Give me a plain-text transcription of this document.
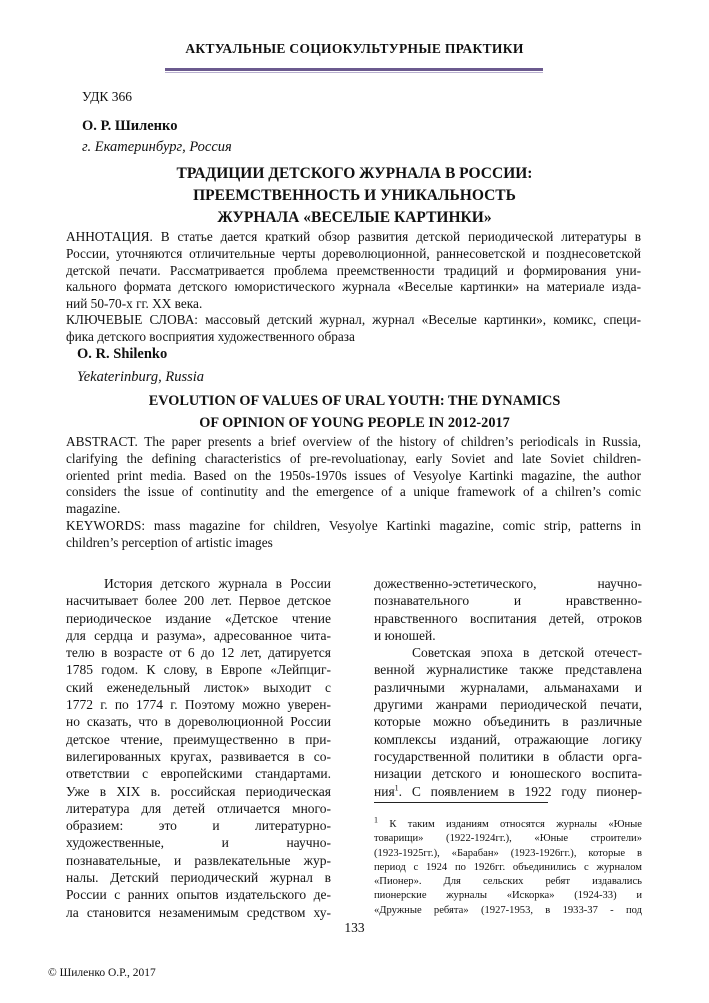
АКТУАЛЬНЫЕ СОЦИОКУЛЬТУРНЫЕ ПРАКТИКИ
УДК 366
О. Р. Шиленко
г. Екатеринбург, Россия
ТРАДИЦИИ ДЕТСКОГО ЖУРНАЛА В РОССИИ:
ПРЕЕМСТВЕННОСТЬ И УНИКАЛЬНОСТЬ
ЖУРНАЛА «ВЕСЕЛЫЕ КАРТИНКИ»
АННОТАЦИЯ. В статье дается краткий обзор развития детской периодической литературы в
России, уточняются отличительные черты дореволюционной, раннесоветской и позднесоветской
детской печати. Рассматривается проблема преемственности традиций и формирования уни-
кального формата детского юмористического журнала «Веселые картинки» на материале изда-
ний 50-70-х гг. XX века.
КЛЮЧЕВЫЕ СЛОВА: массовый детский журнал, журнал «Веселые картинки», комикс, специ-
фика детского восприятия художественного образа
O. R. Shilenko
Yekaterinburg, Russia
EVOLUTION OF VALUES OF URAL YOUTH: THE DYNAMICS
OF OPINION OF YOUNG PEOPLE IN 2012-2017
ABSTRACT. The paper presents a brief overview of the history of children’s periodicals in Russia,
clarifying the defining characteristics of pre-revoluationay, early Soviet and late Soviet children-
oriented print media. Based on the 1950s-1970s issues of Vesyolye Kartinki magazine, the author
considers the issue of continutity and the emergence of a unique framework of a chilren’s comic
magazine.
KEYWORDS: mass magazine for children, Vesyolye Kartinki magazine, comic strip, patterns in
children’s perception of artistic images
История детского журнала в России
насчитывает более 200 лет. Первое детское
периодическое издание «Детское чтение
для сердца и разума», адресованное чита-
телю в возрасте от 6 до 12 лет, датируется
1785 годом. К слову, в Европе «Лейпциг-
ский еженедельный листок» выходит с
1772 г. по 1774 г. Поэтому можно уверен-
но сказать, что в дореволюционной России
детское чтение, преимущественно в при-
вилегированных кругах, развивается в со-
ответствии с европейскими стандартами.
Уже в XIX в. российская периодическая
литература для детей отличается много-
образием: это и литературно-
художественные, и научно-
познавательные, и развлекательные жур-
налы. Детский периодический журнал в
России с ранних опытов издательского де-
ла становится незаменимым средством ху-
дожественно-эстетического, научно-
познавательного и нравственно-
нравственного воспитания детей, отроков
и юношей.
Советская эпоха в детской отечест-
венной журналистике также представлена
различными журналами, альманахами и
другими жанрами периодической печати,
которые можно объединить в различные
комплексы изданий, отражающие логику
государственной политики в области орга-
низации детского и юношеского воспита-
ния$^1$. С появлением в 1922 году пионер-
$^1$ К таким изданиям относятся журналы «Юные
товарищи» (1922-1924гг.), «Юные строители»
(1923-1925гг.), «Барабан» (1923-1926гг.), которые в
период с 1924 по 1926гг. объединились с журналом
«Пионер». Для сельских ребят издавались
пионерские журналы «Искорка» (1924-33) и
«Дружные ребята» (1927-1953, в 1933-37 - под
133
© Шиленко О.Р., 2017
